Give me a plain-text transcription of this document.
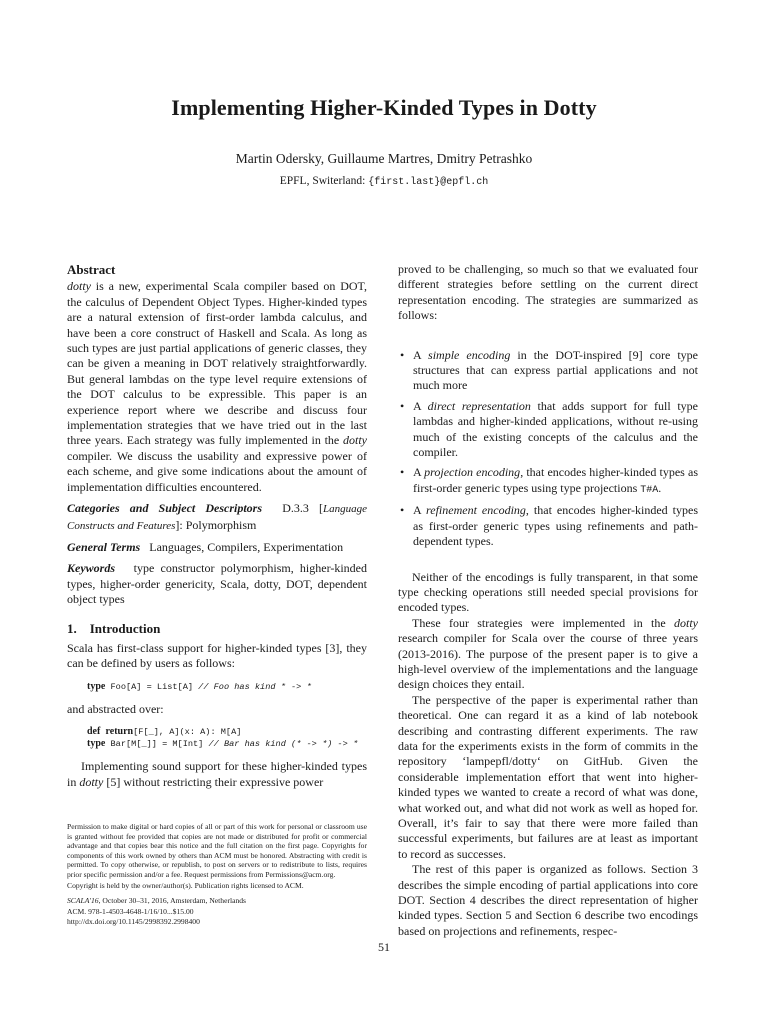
Implementing Higher-Kinded Types in Dotty
Martin Odersky, Guillaume Martres, Dmitry Petrashko
EPFL, Switerland: {first.last}@epfl.ch
Abstract

dotty is a new, experimental Scala compiler based on DOT, the calculus of Dependent Object Types. Higher-kinded types are a natural extension of first-order lambda calculus, and have been a core construct of Haskell and Scala. As long as such types are just partial applications of generic classes, they can be given a meaning in DOT relatively straightforwardly. But general lambdas on the type level require extensions of the DOT calculus to be expressible. This paper is an experience report where we describe and discuss four implementation strategies that we have tried out in the last three years. Each strategy was fully implemented in the dotty compiler. We discuss the usability and expressive power of each scheme, and give some indications about the amount of implementation difficulties encountered.

Categories and Subject Descriptors D.3.3 [Language Constructs and Features]: Polymorphism

General Terms Languages, Compilers, Experimentation

Keywords type constructor polymorphism, higher-kinded types, higher-order genericity, Scala, dotty, DOT, dependent object types

1. Introduction

Scala has first-class support for higher-kinded types [3], they can be defined by users as follows:

type Foo[A] = List[A] // Foo has kind * -> *

and abstracted over:

def return[F[_], A](x: A): M[A]
type Bar[M[_]] = M[Int] // Bar has kind (* -> *) -> *

Implementing sound support for these higher-kinded types in dotty [5] without restricting their expressive power

Permission to make digital or hard copies of all or part of this work for personal or classroom use is granted without fee provided that copies are not made or distributed for profit or commercial advantage and that copies bear this notice and the full citation on the first page. Copyrights for components of this work owned by others than ACM must be honored. Abstracting with credit is permitted. To copy otherwise, or republish, to post on servers or to redistribute to lists, requires prior specific permission and/or a fee. Request permissions from Permissions@acm.org.

Copyright is held by the owner/author(s). Publication rights licensed to ACM.

SCALA'16, October 30–31, 2016, Amsterdam, Netherlands

ACM. 978-1-4503-4648-1/16/10...$15.00

http://dx.doi.org/10.1145/2998392.2998400

proved to be challenging, so much so that we evaluated four different strategies before settling on the current direct representation encoding. The strategies are summarized as follows:

• A simple encoding in the DOT-inspired [9] core type structures that can express partial applications and not much more
• A direct representation that adds support for full type lambdas and higher-kinded applications, without re-using much of the existing concepts of the calculus and the compiler.
• A projection encoding, that encodes higher-kinded types as first-order generic types using type projections T#A.
• A refinement encoding, that encodes higher-kinded types as first-order generic types using refinements and path-dependent types.

Neither of the encodings is fully transparent, in that some type checking operations still needed special provisions for encoded types.

These four strategies were implemented in the dotty research compiler for Scala over the course of three years (2013-2016). The purpose of the present paper is to give a high-level overview of the implementations and the language design choices they entail.

The perspective of the paper is experimental rather than theoretical. One can regard it as a kind of lab notebook describing and contrasting different experiments. The raw data for the experiments exists in the form of commits in the repository ‘lampepfl/dotty‘ on GitHub. Given the considerable implementation effort that went into higher-kinded types we wanted to create a record of what was done, what worked out, and what did not work as well as hoped for. Overall, it’s fair to say that there were more failed than successful experiments, but failures are at least as important to record as successes.

The rest of this paper is organized as follows. Section 3 describes the simple encoding of partial applications into core DOT. Section 4 describes the direct representation of higher kinded types. Section 5 and Section 6 describe two encodings based on projections and refinements, respec-

51
